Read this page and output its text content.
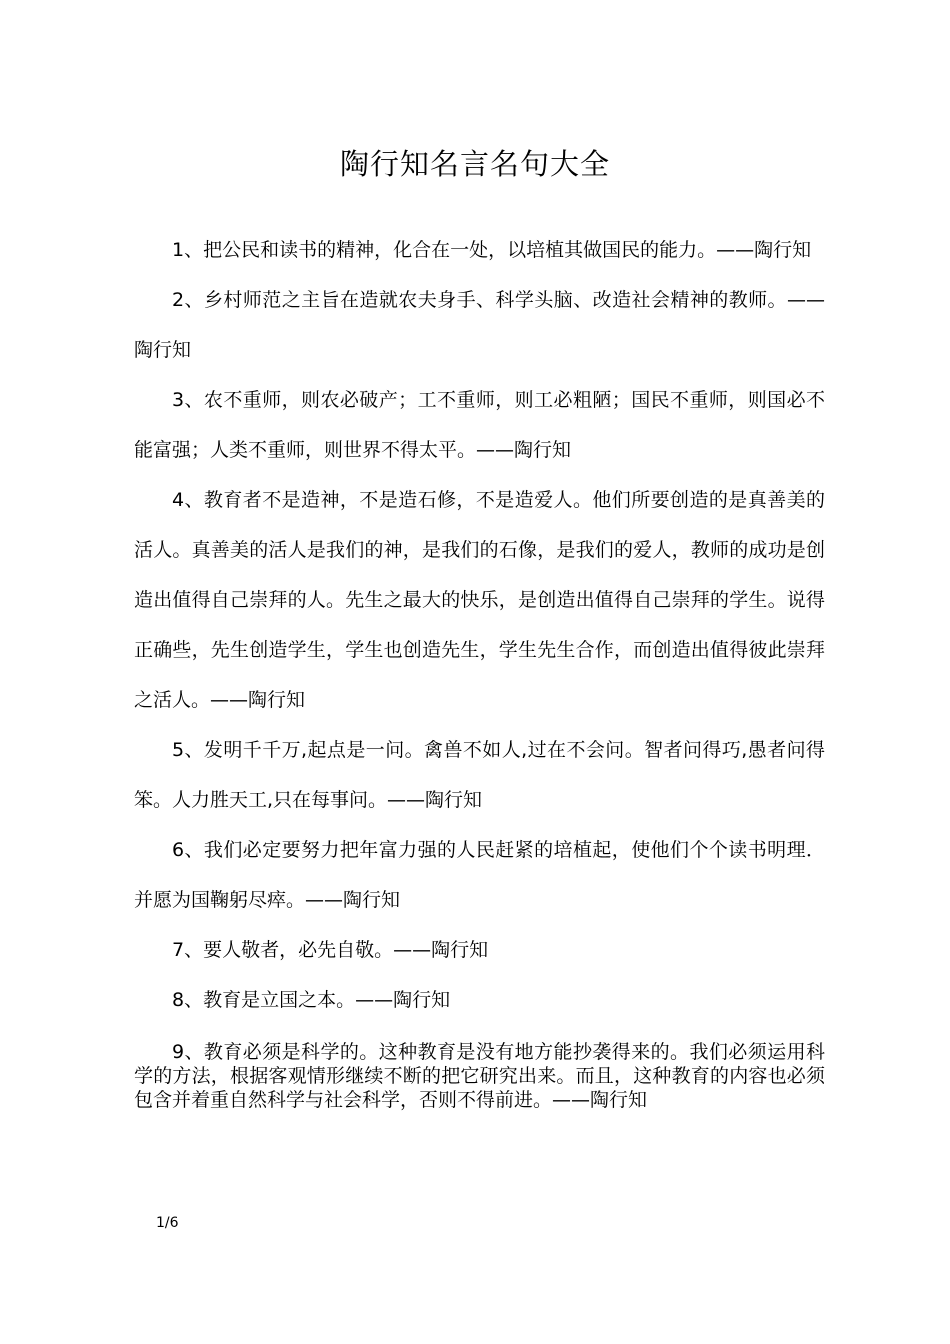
陶行知名言名句大全

1、把公民和读书的精神，化合在一处，以培植其做国民的能力。——陶行知

2、乡村师范之主旨在造就农夫身手、科学头脑、改造社会精神的教师。——陶行知

3、农不重师，则农必破产；工不重师，则工必粗陋；国民不重师，则国必不能富强；人类不重师，则世界不得太平。——陶行知

4、教育者不是造神，不是造石修，不是造爱人。他们所要创造的是真善美的活人。真善美的活人是我们的神，是我们的石像，是我们的爱人，教师的成功是创造出值得自己崇拜的人。先生之最大的快乐，是创造出值得自己崇拜的学生。说得正确些，先生创造学生，学生也创造先生，学生先生合作，而创造出值得彼此崇拜之活人。——陶行知

5、发明千千万,起点是一问。禽兽不如人,过在不会问。智者问得巧,愚者问得笨。人力胜天工,只在每事问。——陶行知

6、我们必定要努力把年富力强的人民赶紧的培植起，使他们个个读书明理．并愿为国鞠躬尽瘁。——陶行知

7、要人敬者，必先自敬。——陶行知

8、教育是立国之本。——陶行知

9、教育必须是科学的。这种教育是没有地方能抄袭得来的。我们必须运用科学的方法，根据客观情形继续不断的把它研究出来。而且，这种教育的内容也必须包含并着重自然科学与社会科学，否则不得前进。——陶行知

1/6
